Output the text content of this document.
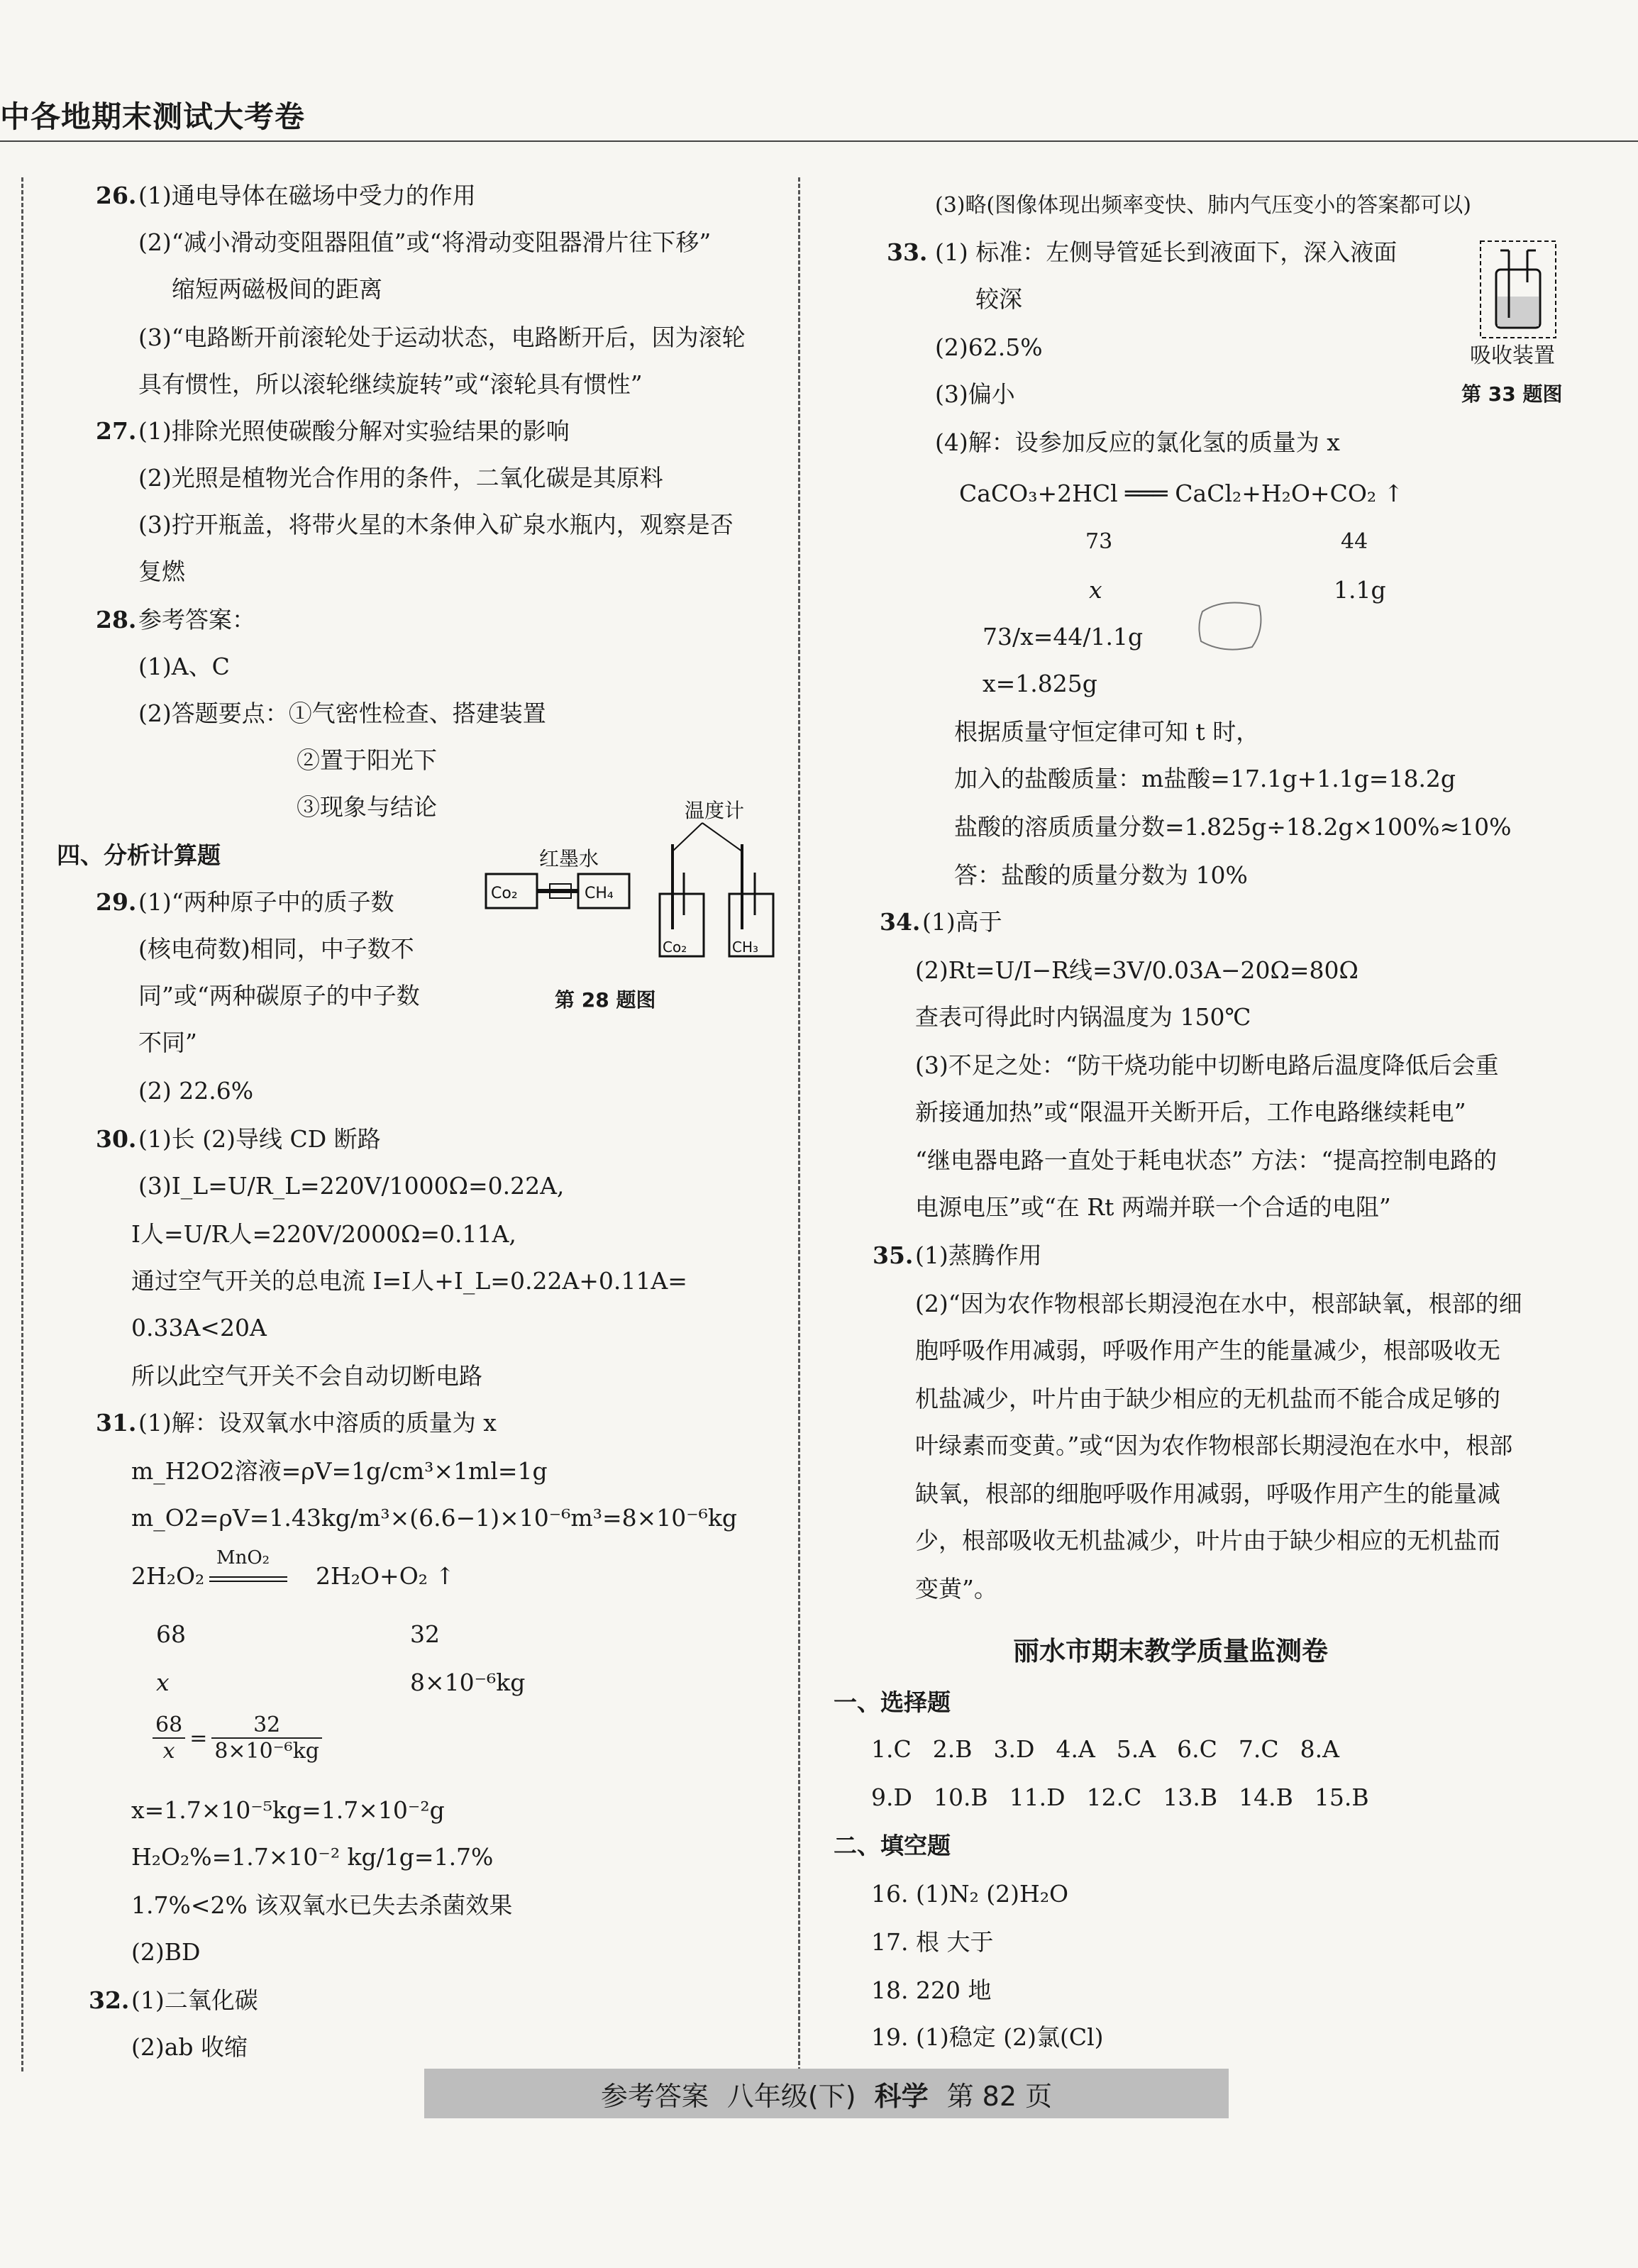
中各地期末测试大考卷
26. (1)通电导体在磁场中受力的作用
(2)“减小滑动变阻器阻值”或“将滑动变阻器滑片往下移”
缩短两磁极间的距离
(3)“电路断开前滚轮处于运动状态，电路断开后，因为滚轮
具有惯性，所以滚轮继续旋转”或“滚轮具有惯性”
27. (1)排除光照使碳酸分解对实验结果的影响
(2)光照是植物光合作用的条件，二氧化碳是其原料
(3)拧开瓶盖，将带火星的木条伸入矿泉水瓶内，观察是否
复燃
28. 参考答案：
(1)A、C
(2)答题要点：①气密性检查、搭建装置
②置于阳光下
③现象与结论
四、分析计算题
29. (1)“两种原子中的质子数
(核电荷数)相同，中子数不
同”或“两种碳原子的中子数
不同”
(2) 22.6%
红墨水
温度计
Co₂	CH₄
Co₂	CH₃
第 28 题图
30. (1)长 (2)导线 CD 断路
(3)I_L=U/R_L=220V/1000Ω=0.22A,
I人=U/R人=220V/2000Ω=0.11A,
通过空气开关的总电流 I=I人+I_L=0.22A+0.11A=
0.33A<20A
所以此空气开关不会自动切断电路
31. (1)解：设双氧水中溶质的质量为 x
m_H2O2溶液=ρV=1g/cm³×1ml=1g
m_O2=ρV=1.43kg/m³×(6.6−1)×10⁻⁶m³=8×10⁻⁶kg
2H₂O₂
MnO₂
2H₂O+O₂ ↑
68	32
x	8×10⁻⁶kg
$\frac{68}{x} = \frac{32}{\text{8×10⁻⁶kg}}$
x=1.7×10⁻⁵kg=1.7×10⁻²g
H₂O₂%=1.7×10⁻² kg/1g=1.7%
1.7%<2% 该双氧水已失去杀菌效果
(2)BD
32. (1)二氧化碳
(2)ab 收缩
(3)略(图像体现出频率变快、肺内气压变小的答案都可以)
33. (1) 标准：左侧导管延长到液面下，深入液面
较深
(2)62.5%
(3)偏小
吸收装置
第 33 题图
(4)解：设参加反应的氯化氢的质量为 x
CaCO₃+2HCl ═══ CaCl₂+H₂O+CO₂ ↑
73	44
x	1.1g
73/x=44/1.1g
x=1.825g
根据质量守恒定律可知 t 时，
加入的盐酸质量：m盐酸=17.1g+1.1g=18.2g
盐酸的溶质质量分数=1.825g÷18.2g×100%≈10%
答：盐酸的质量分数为 10%
34. (1)高于
(2)Rt=U/I−R线=3V/0.03A−20Ω=80Ω
查表可得此时内锅温度为 150℃
(3)不足之处：“防干烧功能中切断电路后温度降低后会重
新接通加热”或“限温开关断开后，工作电路继续耗电”
“继电器电路一直处于耗电状态” 方法：“提高控制电路的
电源电压”或“在 Rt 两端并联一个合适的电阻”
35. (1)蒸腾作用
(2)“因为农作物根部长期浸泡在水中，根部缺氧，根部的细
胞呼吸作用减弱，呼吸作用产生的能量减少，根部吸收无
机盐减少，叶片由于缺少相应的无机盐而不能合成足够的
叶绿素而变黄。”或“因为农作物根部长期浸泡在水中，根部
缺氧，根部的细胞呼吸作用减弱，呼吸作用产生的能量减
少，根部吸收无机盐减少，叶片由于缺少相应的无机盐而
变黄”。
丽水市期末教学质量监测卷
一、选择题
1.C 2.B 3.D 4.A 5.A 6.C 7.C 8.A
9.D 10.B 11.D 12.C 13.B 14.B 15.B
二、填空题
16. (1)N₂ (2)H₂O
17. 根 大于
18. 220 地
19. (1)稳定 (2)氯(Cl)
参考答案 八年级(下) 科学 第 82 页
